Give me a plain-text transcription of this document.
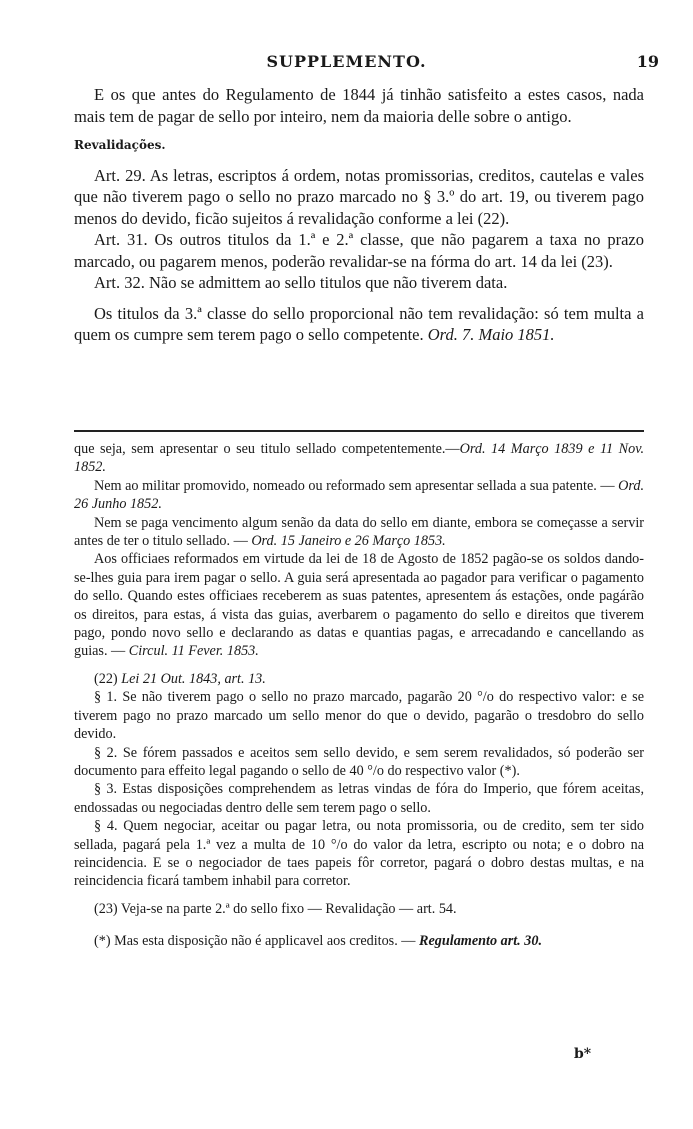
SUPPLEMENTO.	19

E os que antes do Regulamento de 1844 já tinhão satisfeito a estes casos, nada mais tem de pagar de sello por inteiro, nem da maioria delle sobre o antigo.

Revalidações.

Art. 29. As letras, escriptos á ordem, notas promissorias, creditos, cautelas e vales que não tiverem pago o sello no prazo marcado no § 3.º do art. 19, ou tiverem pago menos do devido, ficão sujeitos á revalidação conforme a lei (22).

Art. 31. Os outros titulos da 1.ª e 2.ª classe, que não pagarem a taxa no prazo marcado, ou pagarem menos, poderão revalidar-se na fórma do art. 14 da lei (23).

Art. 32. Não se admittem ao sello titulos que não tiverem data.

Os titulos da 3.ª classe do sello proporcional não tem revalidação: só tem multa a quem os cumpre sem terem pago o sello competente. Ord. 7. Maio 1851.

que seja, sem apresentar o seu titulo sellado competentemente.—Ord. 14 Março 1839 e 11 Nov. 1852.

Nem ao militar promovido, nomeado ou reformado sem apresentar sellada a sua patente. — Ord. 26 Junho 1852.

Nem se paga vencimento algum senão da data do sello em diante, embora se começasse a servir antes de ter o titulo sellado. — Ord. 15 Janeiro e 26 Março 1853.

Aos officiaes reformados em virtude da lei de 18 de Agosto de 1852 pagão-se os soldos dando-se-lhes guia para irem pagar o sello. A guia será apresentada ao pagador para verificar o pagamento do sello. Quando estes officiaes receberem as suas patentes, apresentem ás estações, onde pagárão os direitos, para estas, á vista das guias, averbarem o pagamento do sello e direitos que tiverem pago, pondo novo sello e declarando as datas e quantias pagas, e arrecadando e cancellando as guias. — Circul. 11 Fever. 1853.

(22) Lei 21 Out. 1843, art. 13.

§ 1. Se não tiverem pago o sello no prazo marcado, pagarão 20 °/o do respectivo valor: e se tiverem pago no prazo marcado um sello menor do que o devido, pagarão o tresdobro do sello devido.

§ 2. Se fórem passados e aceitos sem sello devido, e sem serem revalidados, só poderão ser documento para effeito legal pagando o sello de 40 °/o do respectivo valor (*).

§ 3. Estas disposições comprehendem as letras vindas de fóra do Imperio, que fórem aceitas, endossadas ou negociadas dentro delle sem terem pago o sello.

§ 4. Quem negociar, aceitar ou pagar letra, ou nota promissoria, ou de credito, sem ter sido sellada, pagará pela 1.ª vez a multa de 10 °/o do valor da letra, escripto ou nota; e o dobro na reincidencia. E se o negociador de taes papeis fôr corretor, pagará o dobro destas multas, e na reincidencia ficará tambem inhabil para corretor.

(23) Veja-se na parte 2.ª do sello fixo — Revalidação — art. 54.

(*) Mas esta disposição não é applicavel aos creditos. — Regulamento art. 30.

b*
